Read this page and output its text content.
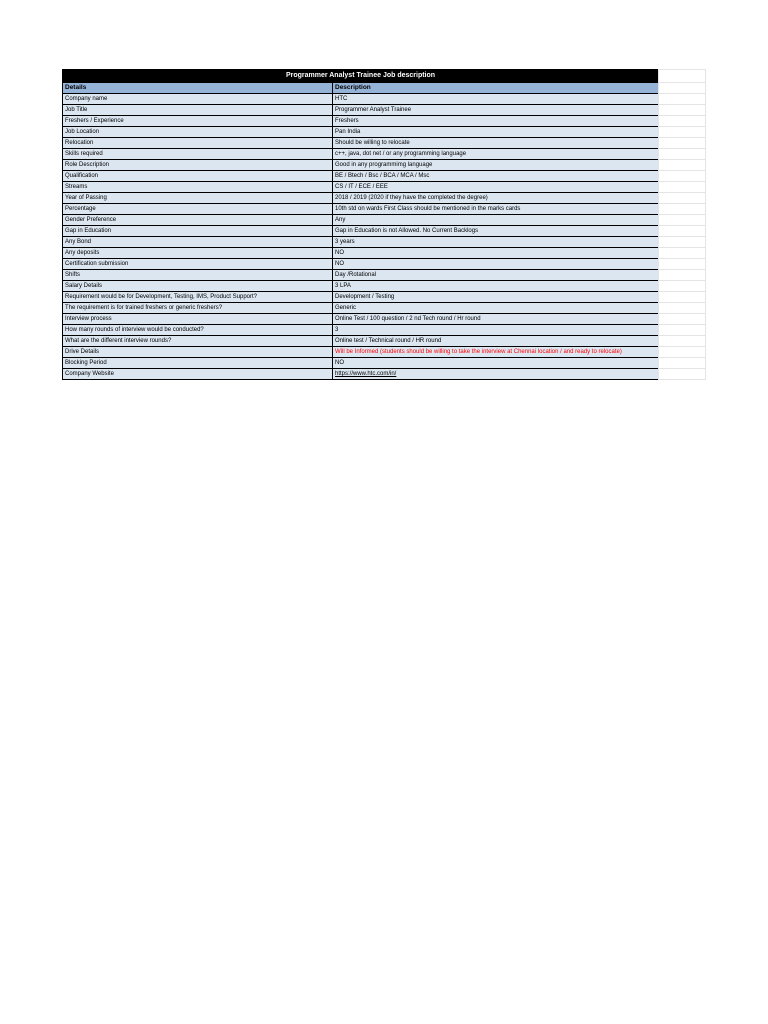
Programmer Analyst Trainee Job description	
Details	Description
Company name	HTC
Job Title	Programmer Analyst Trainee
Freshers / Experience	Freshers
Job Location	Pan India
Relocation	Should be willing to relocate
Skills required	c++, java, dot net / or any programming language
Role Description	Good in any programmimg language
Qualification	BE / Btech / Bsc / BCA / MCA / Msc
Streams	CS / IT / ECE / EEE
Year of Passing	2018 / 2019 (2020 if they have the completed the degree)
Percentage	10th std on wards First Class should be mentioned in the marks cards
Gender Preference	Any
Gap in Education	Gap in Education is not Allowed. No Current Backlogs
Any Bond	3 years
Any deposits	NO
Certification submission	NO
Shifts	Day /Rotational
Salary Details	3 LPA
Requirement would be for Development, Testing, IMS, Product Support?	Development / Testing
The requirement is for trained freshers or generic freshers?	Generic
Interview process	Online Test / 100 question / 2 nd Tech round / Hr round
How many rounds of interview would be conducted?	3
What are the different interview rounds?	Online test / Technical round / HR round
Drive Details	Will be Informed (students should be willing to take the interview at Chennai location / and ready to relocate)
Blocking Period	NO
Company Website	https://www.htc.com/in/
